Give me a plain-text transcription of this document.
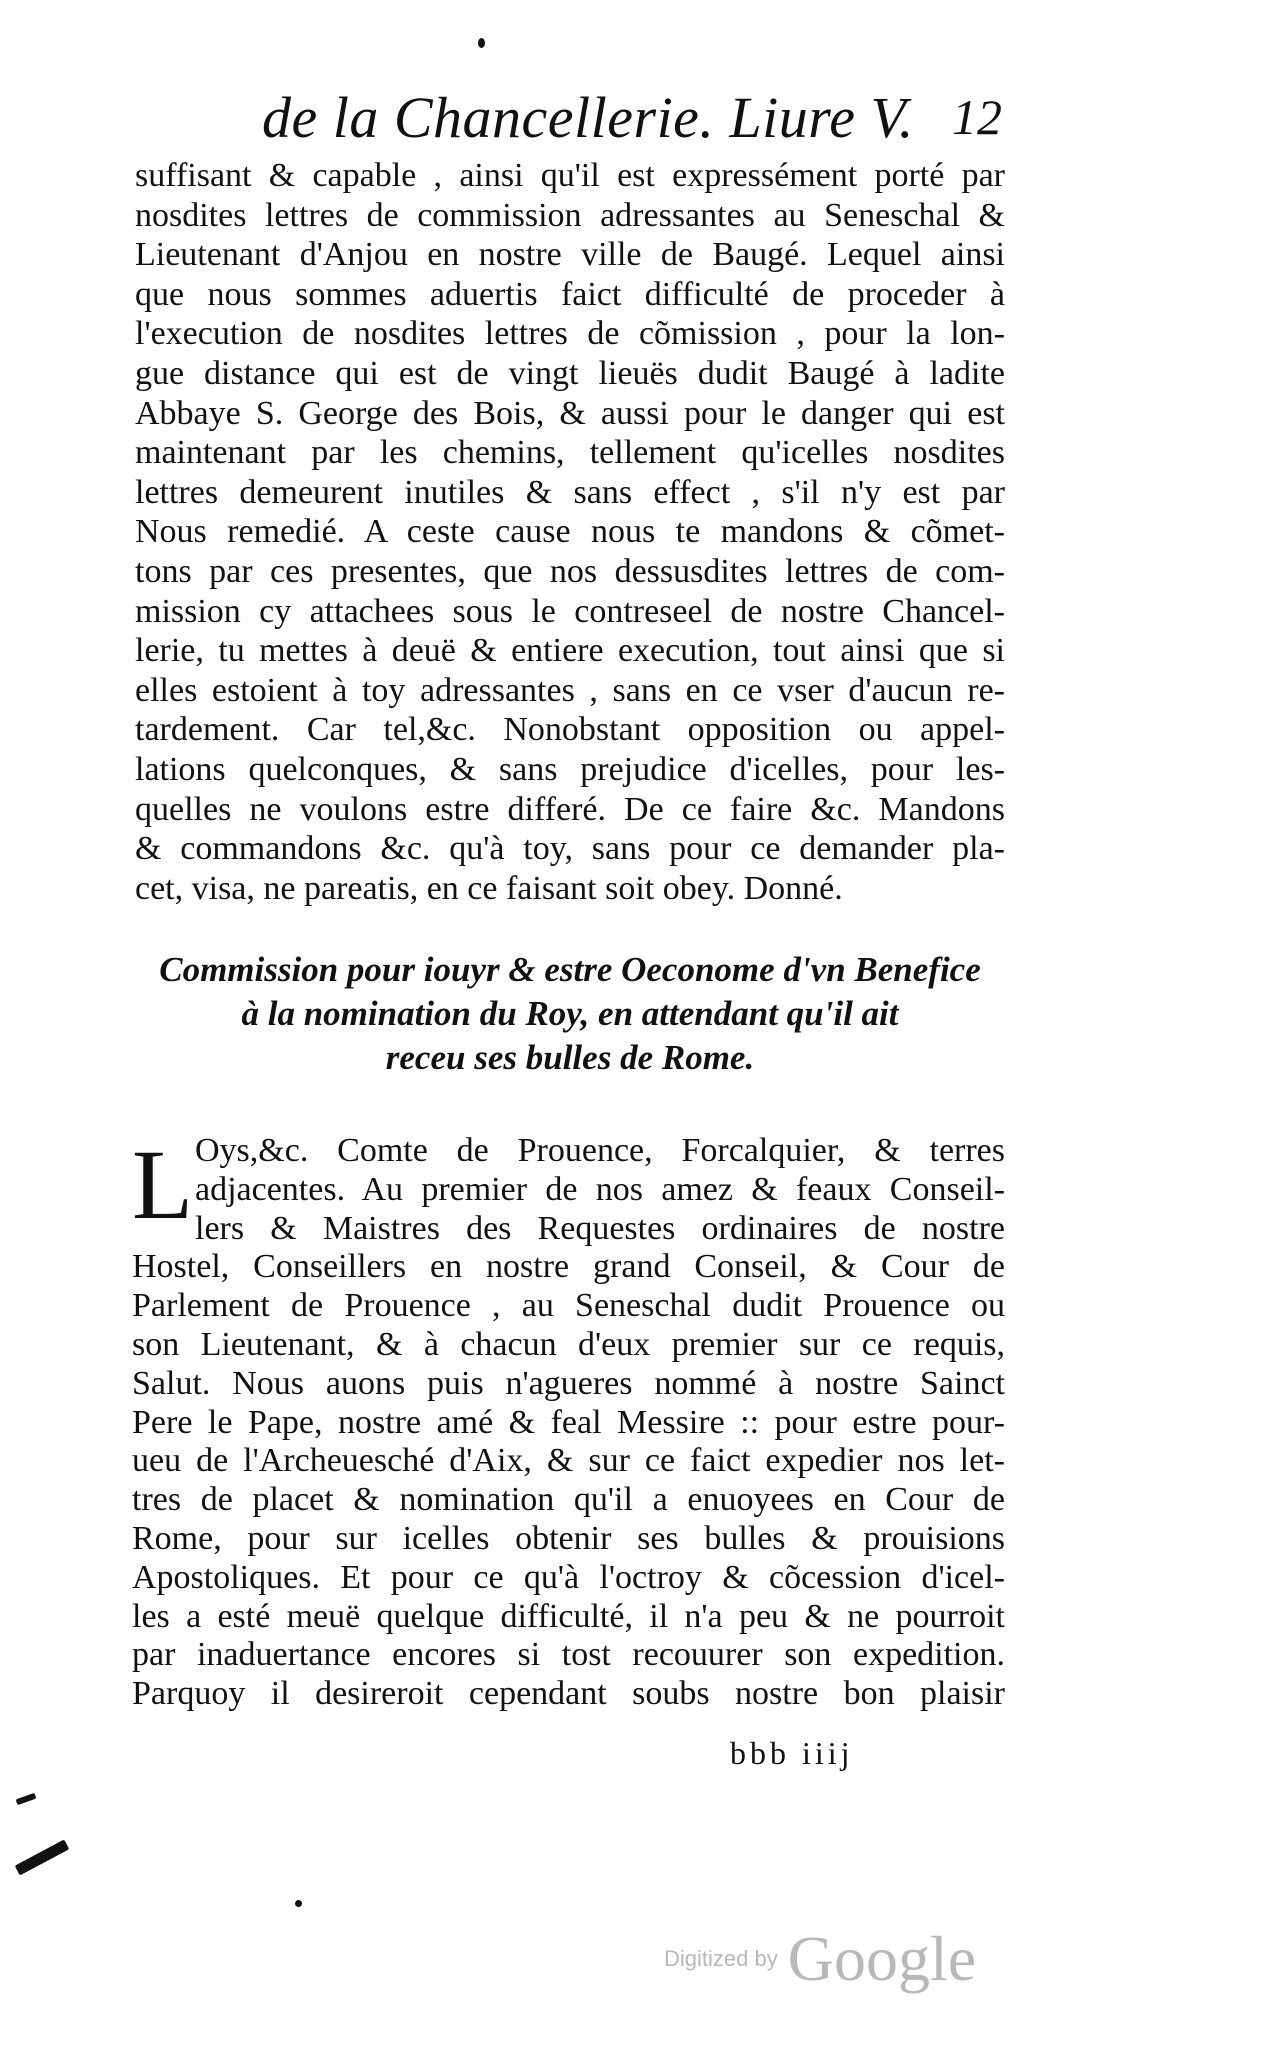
de la Chancellerie. Liure V. 12
suffisant & capable , ainsi qu'il est expressément porté par
nosdites lettres de commission adressantes au Seneschal &
Lieutenant d'Anjou en nostre ville de Baugé. Lequel ainsi
que nous sommes aduertis faict difficulté de proceder à
l'execution de nosdites lettres de cõmission , pour la lon-
gue distance qui est de vingt lieuës dudit Baugé à ladite
Abbaye S. George des Bois, & aussi pour le danger qui est
maintenant par les chemins, tellement qu'icelles nosdites
lettres demeurent inutiles & sans effect , s'il n'y est par
Nous remedié. A ceste cause nous te mandons & cõmet-
tons par ces presentes, que nos dessusdites lettres de com-
mission cy attachees sous le contreseel de nostre Chancel-
lerie, tu mettes à deuë & entiere execution, tout ainsi que si
elles estoient à toy adressantes , sans en ce vser d'aucun re-
tardement. Car tel,&c. Nonobstant opposition ou appel-
lations quelconques, & sans prejudice d'icelles, pour les-
quelles ne voulons estre differé. De ce faire &c. Mandons
& commandons &c. qu'à toy, sans pour ce demander pla-
cet, visa, ne pareatis, en ce faisant soit obey. Donné.
Commission pour iouyr & estre Oeconome d'vn Benefice
à la nomination du Roy, en attendant qu'il ait
receu ses bulles de Rome.
L Oys,&c. Comte de Prouence, Forcalquier, & terres
adjacentes. Au premier de nos amez & feaux Conseil-
lers & Maistres des Requestes ordinaires de nostre
Hostel, Conseillers en nostre grand Conseil, & Cour de
Parlement de Prouence , au Seneschal dudit Prouence ou
son Lieutenant, & à chacun d'eux premier sur ce requis,
Salut. Nous auons puis n'agueres nommé à nostre Sainct
Pere le Pape, nostre amé & feal Messire :: pour estre pour-
ueu de l'Archeuesché d'Aix, & sur ce faict expedier nos let-
tres de placet & nomination qu'il a enuoyees en Cour de
Rome, pour sur icelles obtenir ses bulles & prouisions
Apostoliques. Et pour ce qu'à l'octroy & cõcession d'icel-
les a esté meuë quelque difficulté, il n'a peu & ne pourroit
par inaduertance encores si tost recouurer son expedition.
Parquoy il desireroit cependant soubs nostre bon plaisir
bbb iiij
Digitized by Google
